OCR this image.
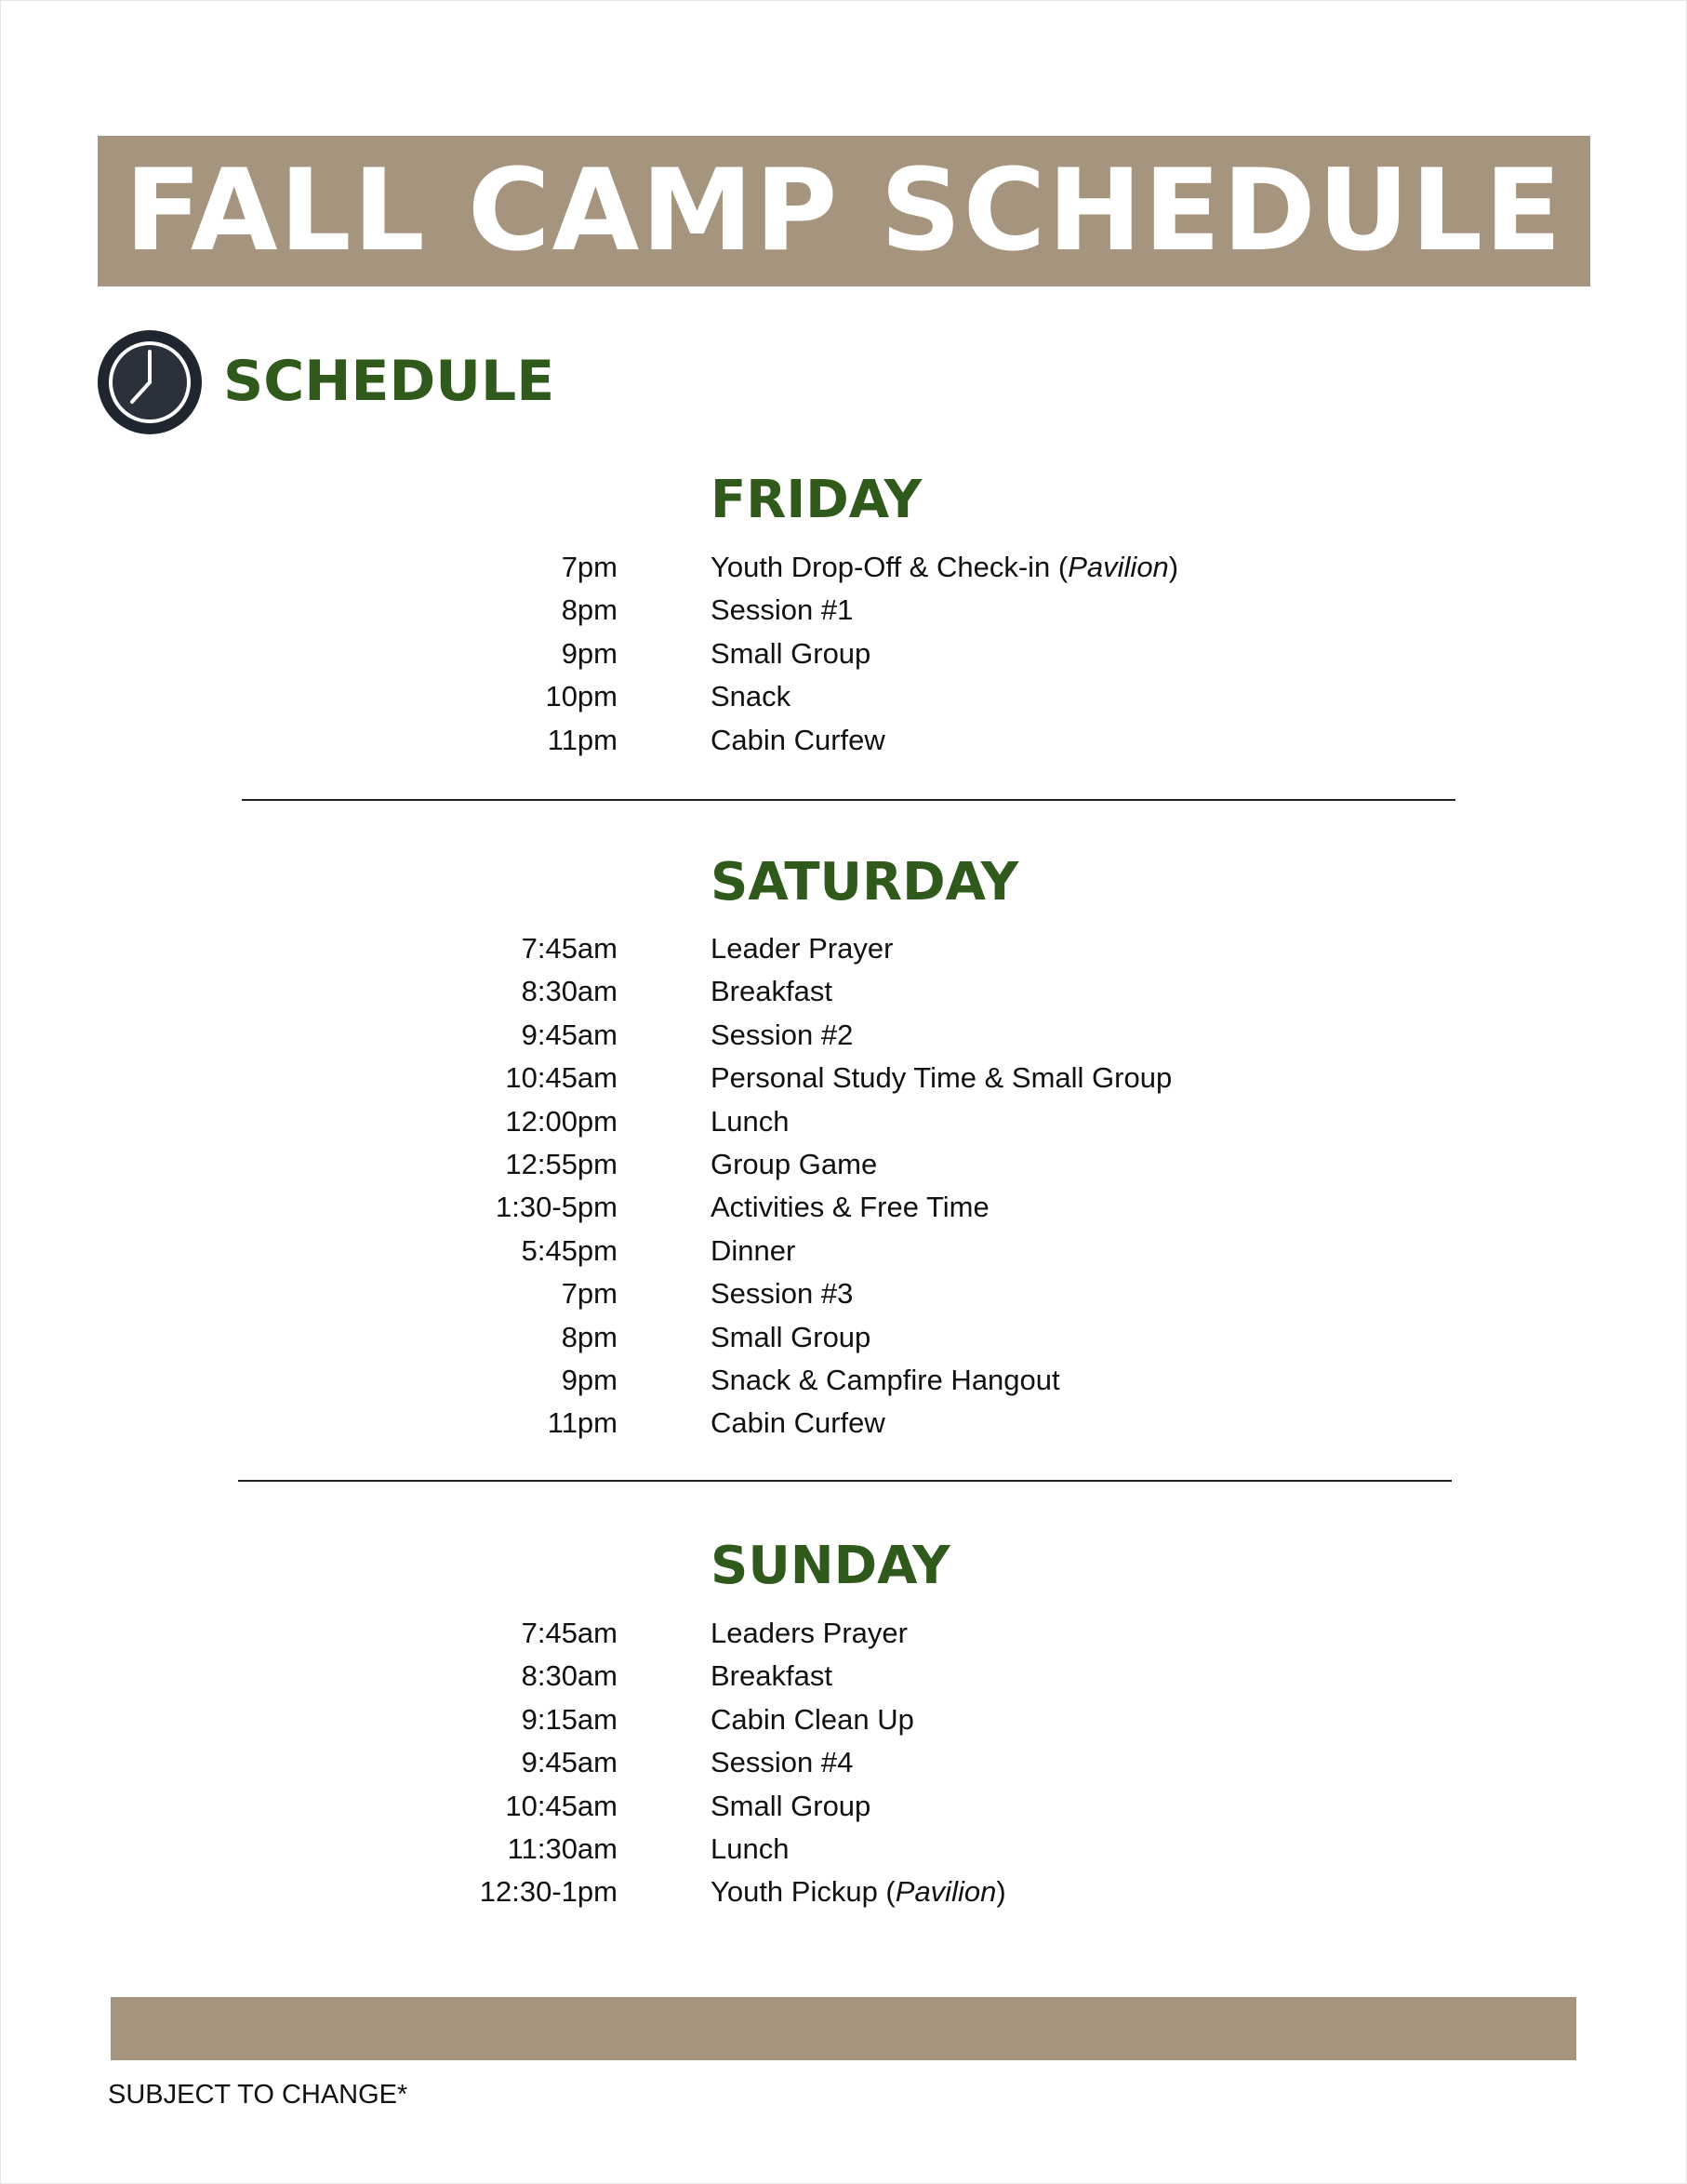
FALL CAMP SCHEDULE
SCHEDULE
FRIDAY
7pm	Youth Drop-Off & Check-in (Pavilion)
8pm	Session #1
9pm	Small Group
10pm	Snack
11pm	Cabin Curfew
SATURDAY
7:45am	Leader Prayer
8:30am	Breakfast
9:45am	Session #2
10:45am	Personal Study Time & Small Group
12:00pm	Lunch
12:55pm	Group Game
1:30-5pm	Activities & Free Time
5:45pm	Dinner
7pm	Session #3
8pm	Small Group
9pm	Snack & Campfire Hangout
11pm	Cabin Curfew
SUNDAY
7:45am	Leaders Prayer
8:30am	Breakfast
9:15am	Cabin Clean Up
9:45am	Session #4
10:45am	Small Group
11:30am	Lunch
12:30-1pm	Youth Pickup (Pavilion)
SUBJECT TO CHANGE*
